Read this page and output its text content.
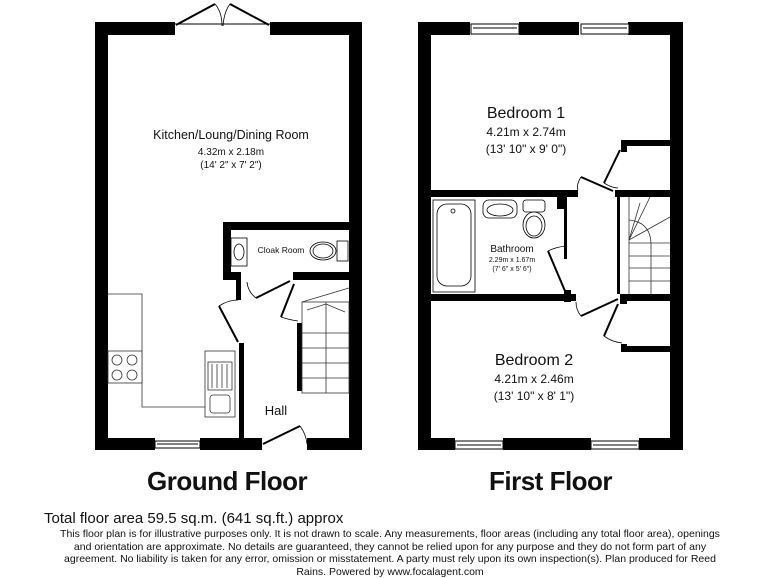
Kitchen/Loung/Dining Room
4.32m x 2.18m
(14' 2" x 7' 2")
Cloak Room
Hall
Bedroom 1
4.21m x 2.74m
(13' 10" x 9' 0")
Bathroom
2.29m x 1.67m
(7' 6" x 5' 6")
Bedroom 2
4.21m x 2.46m
(13' 10" x 8' 1")
Ground Floor	First Floor
Total floor area 59.5 sq.m. (641 sq.ft.) approx
This floor plan is for illustrative purposes only. It is not drawn to scale. Any measurements, floor areas (including any total floor area), openings and orientation are approximate. No details are guaranteed, they cannot be relied upon for any purpose and they do not form part of any agreement. No liability is taken for any error, omission or misstatement. A party must rely upon its own inspection(s). Plan produced for Reed Rains. Powered by www.focalagent.com
